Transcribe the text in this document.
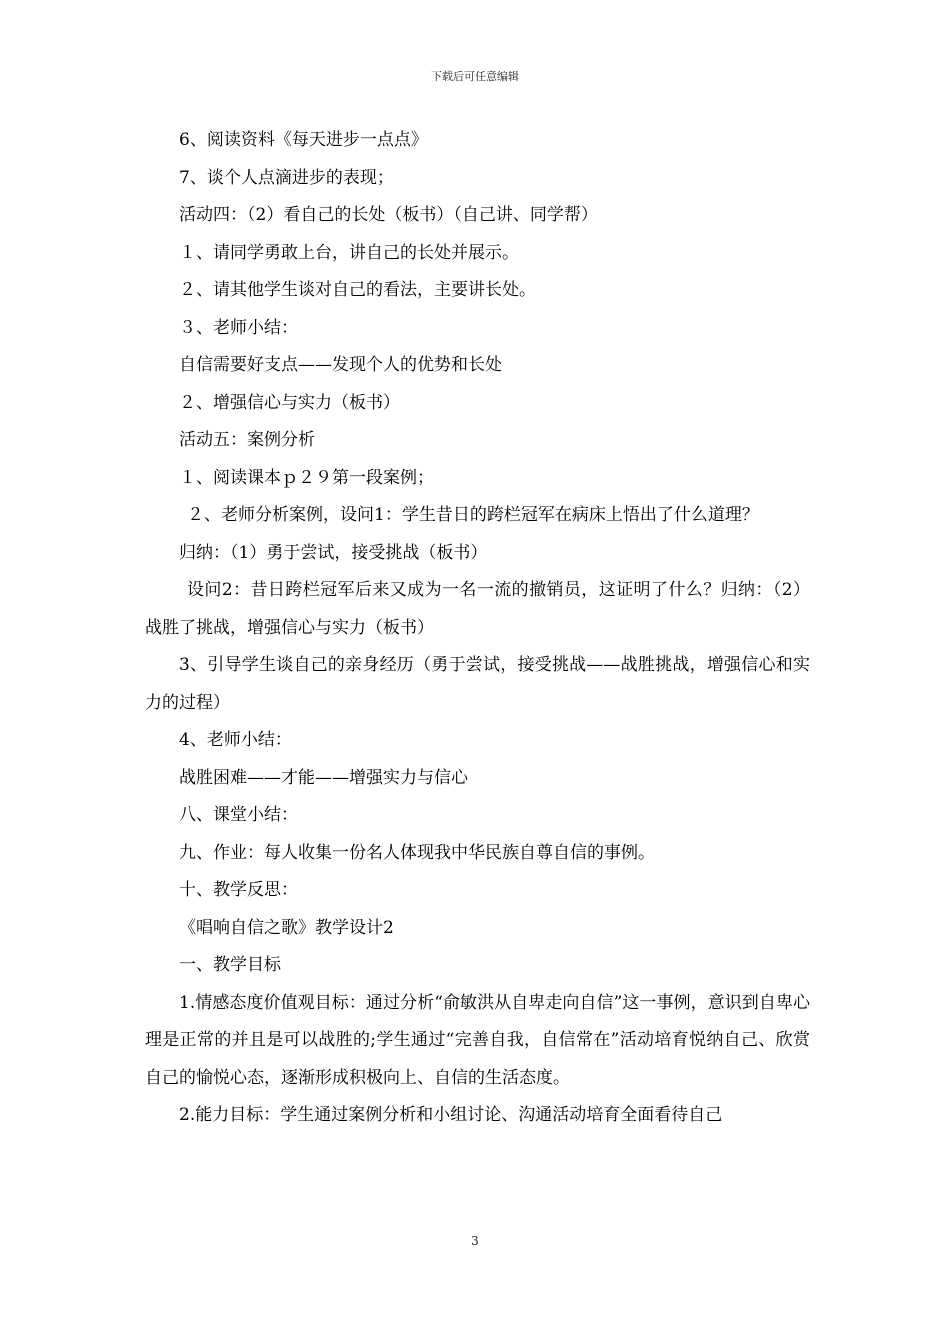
下载后可任意编辑
6、阅读资料《每天进步一点点》
7、谈个人点滴进步的表现；
活动四：（2）看自己的长处（板书）（自己讲、同学帮）
１、请同学勇敢上台，讲自己的长处并展示。
２、请其他学生谈对自己的看法，主要讲长处。
３、老师小结：
自信需要好支点——发现个人的优势和长处
２、增强信心与实力（板书）
活动五：案例分析
１、阅读课本ｐ２９第一段案例；
２、老师分析案例，设问1：学生昔日的跨栏冠军在病床上悟出了什么道理？
归纳：（1）勇于尝试，接受挑战（板书）
设问2：昔日跨栏冠军后来又成为一名一流的撤销员，这证明了什么？归纳：（2）战胜了挑战，增强信心与实力（板书）
3、引导学生谈自己的亲身经历（勇于尝试，接受挑战——战胜挑战，增强信心和实力的过程）
4、老师小结：
战胜困难——才能——增强实力与信心
八、课堂小结：
九、作业：每人收集一份名人体现我中华民族自尊自信的事例。
十、教学反思：
《唱响自信之歌》教学设计2
一、教学目标
1.情感态度价值观目标：通过分析“俞敏洪从自卑走向自信”这一事例，意识到自卑心理是正常的并且是可以战胜的;学生通过“完善自我，自信常在”活动培育悦纳自己、欣赏自己的愉悦心态，逐渐形成积极向上、自信的生活态度。
2.能力目标：学生通过案例分析和小组讨论、沟通活动培育全面看待自己
3
